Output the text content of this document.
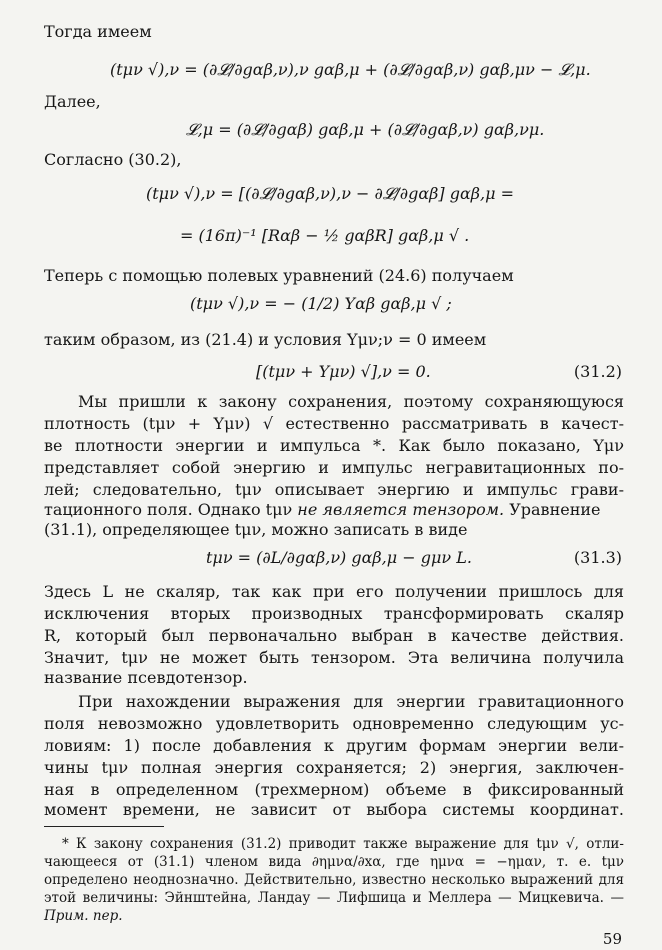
Тогда имеем
(tμν √),ν = (∂𝓛/∂gαβ,ν),ν gαβ,μ + (∂𝓛/∂gαβ,ν) gαβ,μν − 𝓛,μ.
Далее,
𝓛,μ = (∂𝓛/∂gαβ) gαβ,μ + (∂𝓛/∂gαβ,ν) gαβ,νμ.
Согласно (30.2),
(tμν √),ν = [(∂𝓛/∂gαβ,ν),ν − ∂𝓛/∂gαβ] gαβ,μ =
= (16π)⁻¹ [Rαβ − ½ gαβR] gαβ,μ √ .
Теперь с помощью полевых уравнений (24.6) получаем
(tμν √),ν = − (1/2) Yαβ gαβ,μ √ ;
таким образом, из (21.4) и условия Yμν;ν = 0 имеем
[(tμν + Yμν) √],ν = 0.	(31.2)
Мы пришли к закону сохранения, поэтому сохраняющуюся
плотность (tμν + Yμν) √ естественно рассматривать в качест-
ве плотности энергии и импульса *. Как было показано, Yμν
представляет собой энергию и импульс негравитационных по-
лей; следовательно, tμν описывает энергию и импульс грави-
тационного поля. Однако tμν не является тензором. Уравнение
(31.1), определяющее tμν, можно записать в виде
tμν = (∂L/∂gαβ,ν) gαβ,μ − gμν L.	(31.3)
Здесь L не скаляр, так как при его получении пришлось для
исключения вторых производных трансформировать скаляр
R, который был первоначально выбран в качестве действия.
Значит, tμν не может быть тензором. Эта величина получила
название псевдотензор.
При нахождении выражения для энергии гравитационного
поля невозможно удовлетворить одновременно следующим ус-
ловиям: 1) после добавления к другим формам энергии вели-
чины tμν полная энергия сохраняется; 2) энергия, заключен-
ная в определенном (трехмерном) объеме в фиксированный
момент времени, не зависит от выбора системы координат.
* К закону сохранения (31.2) приводит также выражение для tμν √, отли-
чающееся от (31.1) членом вида ∂ημνα/∂xα, где ημνα = −ημαν, т. е. tμν
определено неоднозначно. Действительно, известно несколько выражений для
этой величины: Эйнштейна, Ландау — Лифшица и Меллера — Мицкевича. —
Прим. пер.
59
